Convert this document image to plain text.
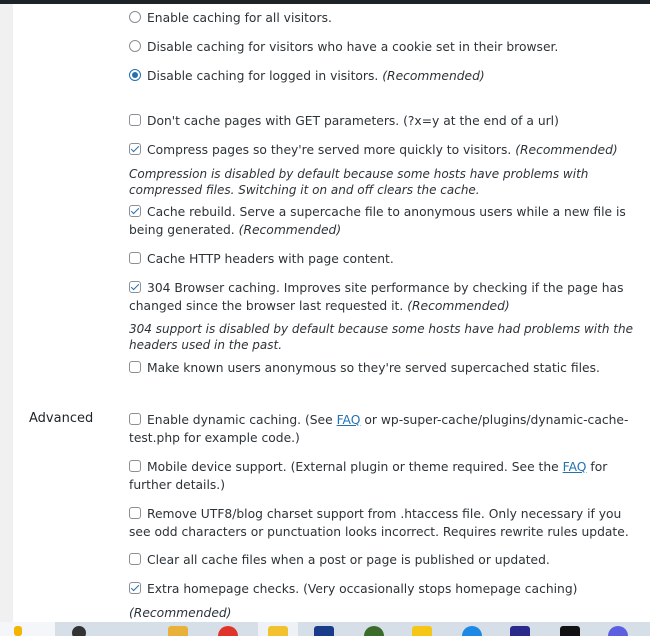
Enable caching for all visitors.
Disable caching for visitors who have a cookie set in their browser.
Disable caching for logged in visitors. (Recommended)
Don't cache pages with GET parameters. (?x=y at the end of a url)
Compress pages so they're served more quickly to visitors. (Recommended)
Compression is disabled by default because some hosts have problems with compressed files. Switching it on and off clears the cache.
Cache rebuild. Serve a supercache file to anonymous users while a new file is being generated. (Recommended)
Cache HTTP headers with page content.
304 Browser caching. Improves site performance by checking if the page has changed since the browser last requested it. (Recommended)
304 support is disabled by default because some hosts have had problems with the headers used in the past.
Make known users anonymous so they're served supercached static files.
Advanced	Enable dynamic caching. (See FAQ or wp-super-cache/plugins/dynamic-cache-test.php for example code.)
Mobile device support. (External plugin or theme required. See the FAQ for further details.)
Remove UTF8/blog charset support from .htaccess file. Only necessary if you see odd characters or punctuation looks incorrect. Requires rewrite rules update.
Clear all cache files when a post or page is published or updated.
Extra homepage checks. (Very occasionally stops homepage caching)
(Recommended)
